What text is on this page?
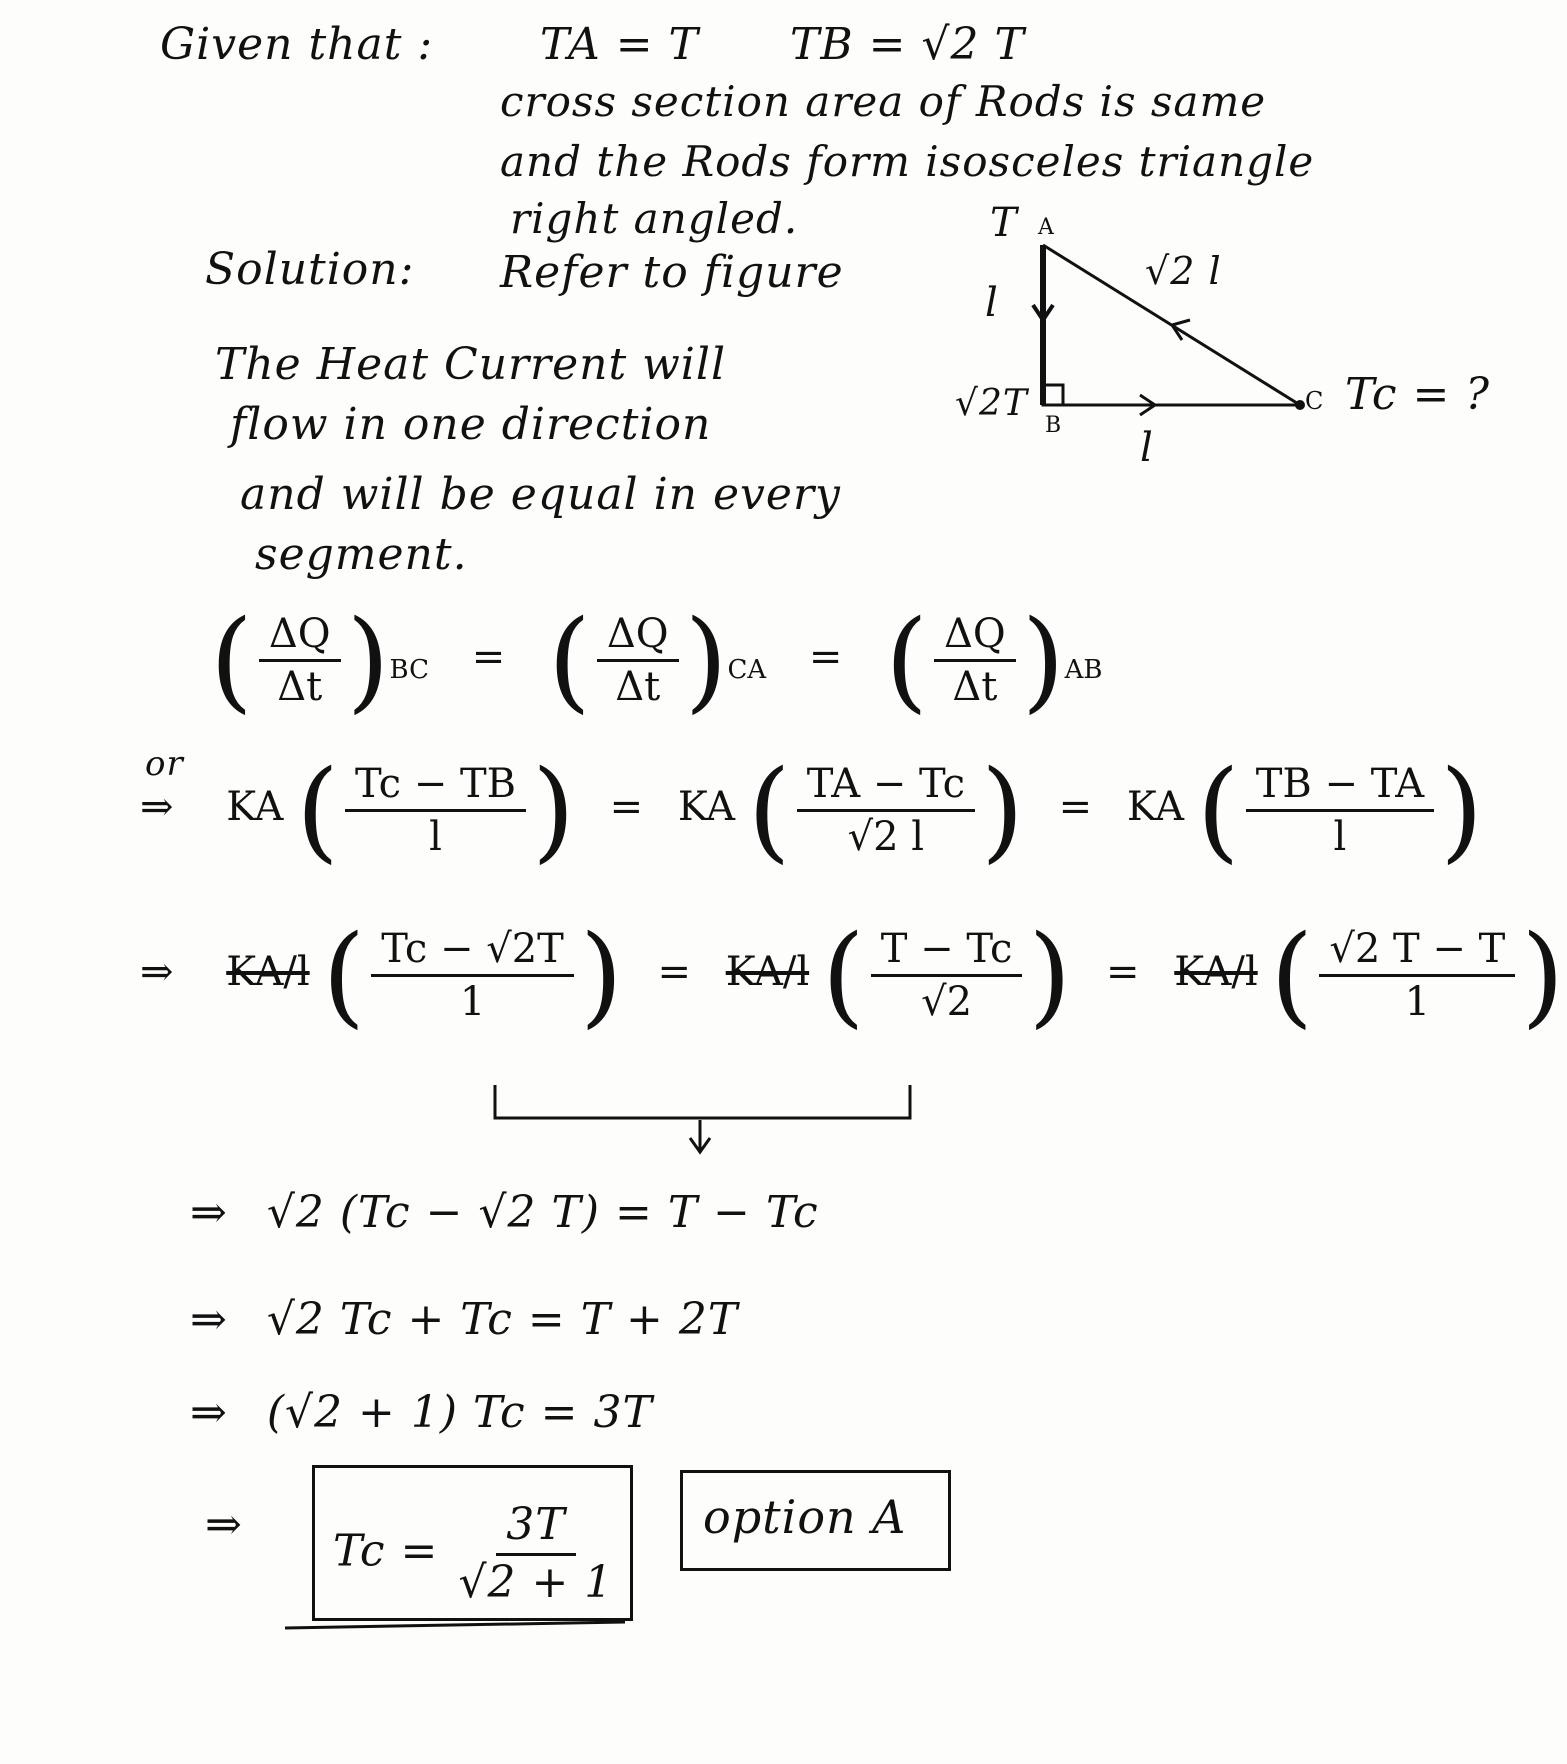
Given that : TA = T TB = √2 T
cross section area of Rods is same
and the Rods form isosceles triangle
right angled.
Solution: Refer to figure
T A
l
√2 l
√2T
B l
C Tc = ?
The Heat Current will
flow in one direction
and will be equal in every
segment.
( $\frac{\Delta Q}{\Delta t} )_{BC}$ = ( $\frac{\Delta Q}{\Delta t} )_{CA}$ = ( $\frac{\Delta Q}{\Delta t} )_{AB}$
or
⇒ KA ( $\frac{Tc - TB}{l}$ ) = KA ( $\frac{TA - Tc}{√2 l}$ ) = KA ( $\frac{TB - TA}{l}$ )
⇒ KA/l ( $\frac{Tc - √2T}{1}$ ) = KA/l ( $\frac{T - Tc}{√2}$ ) = KA/l ( $\frac{√2 T - T}{1}$ )
⇒ √2 (Tc − √2 T) = T − Tc
⇒ √2 Tc + Tc = T + 2T
⇒ (√2 + 1) Tc = 3T
⇒
$Tc = \frac{3T}{√2 + 1}$ option A
